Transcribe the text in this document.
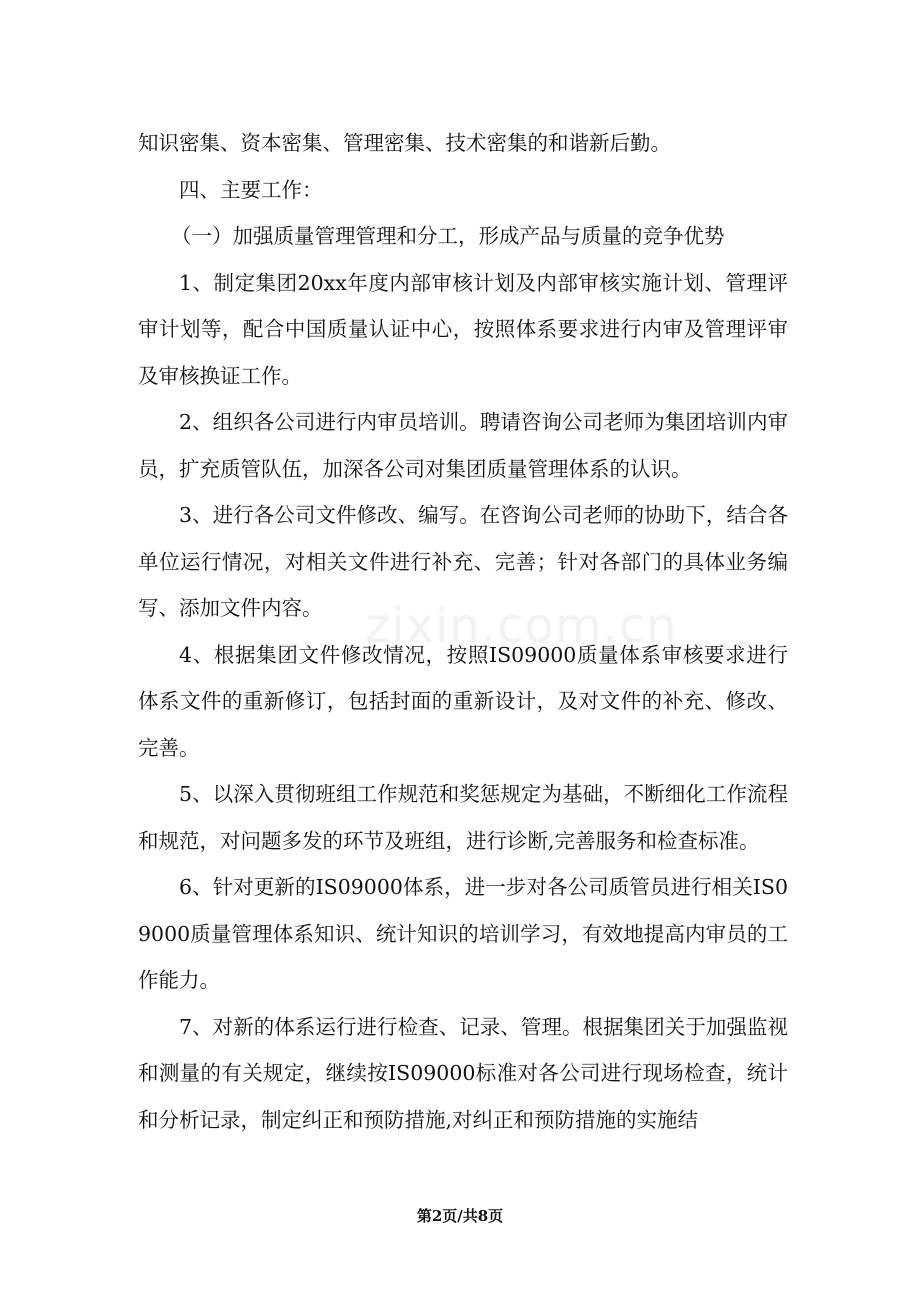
zixin.com.cn

知识密集、资本密集、管理密集、技术密集的和谐新后勤。

四、主要工作：

（一）加强质量管理管理和分工，形成产品与质量的竞争优势

1、制定集团20xx年度内部审核计划及内部审核实施计划、管理评审计划等，配合中国质量认证中心，按照体系要求进行内审及管理评审及审核换证工作。

2、组织各公司进行内审员培训。聘请咨询公司老师为集团培训内审员，扩充质管队伍，加深各公司对集团质量管理体系的认识。

3、进行各公司文件修改、编写。在咨询公司老师的协助下，结合各单位运行情况，对相关文件进行补充、完善；针对各部门的具体业务编写、添加文件内容。

4、根据集团文件修改情况，按照IS09000质量体系审核要求进行体系文件的重新修订，包括封面的重新设计，及对文件的补充、修改、完善。

5、以深入贯彻班组工作规范和奖惩规定为基础，不断细化工作流程和规范，对问题多发的环节及班组，进行诊断,完善服务和检查标准。

6、针对更新的IS09000体系，进一步对各公司质管员进行相关IS09000质量管理体系知识、统计知识的培训学习，有效地提高内审员的工作能力。

7、对新的体系运行进行检查、记录、管理。根据集团关于加强监视和测量的有关规定，继续按IS09000标准对各公司进行现场检查，统计和分析记录，制定纠正和预防措施,对纠正和预防措施的实施结

第2页/共8页
